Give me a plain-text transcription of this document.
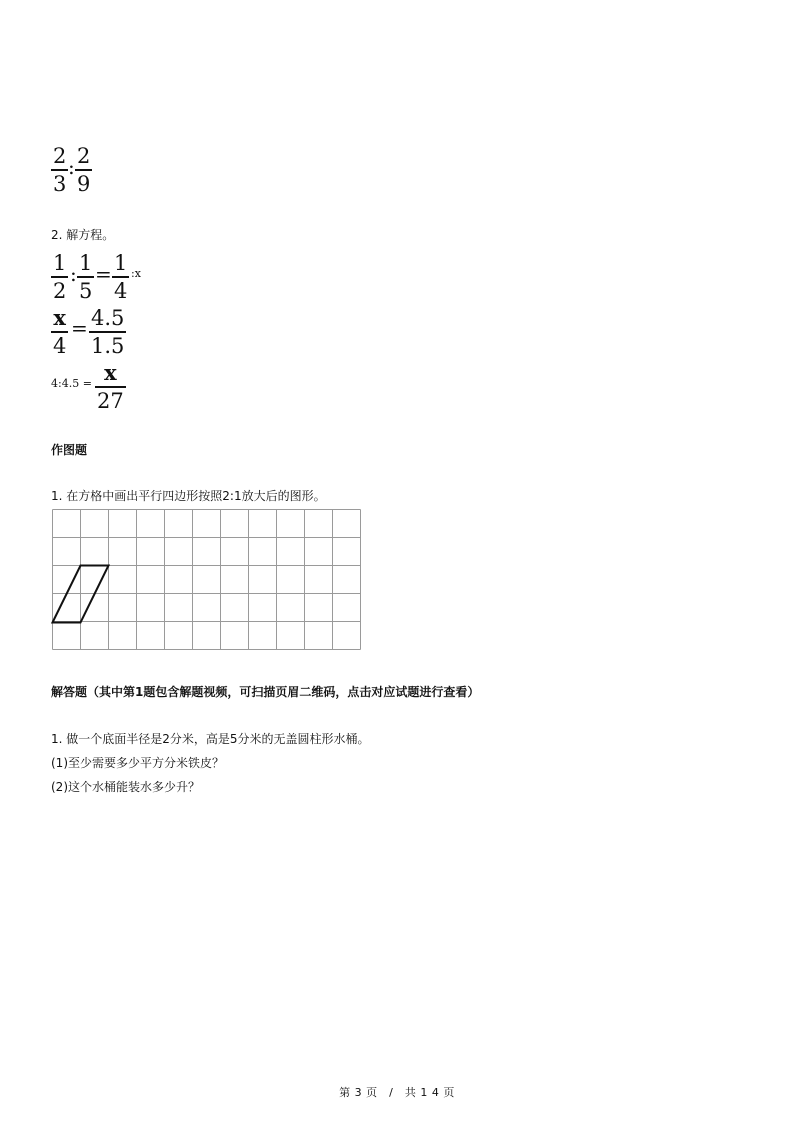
2
3
: 2
9
2. 解方程。
1
2
: 1
5
= 1
4
:x
x
4
= 4.5
1.5
4:4.5 = x
27
作图题
1. 在方格中画出平行四边形按照2:1放大后的图形。
解答题（其中第1题包含解题视频，可扫描页眉二维码，点击对应试题进行查看）
1. 做一个底面半径是2分米，高是5分米的无盖圆柱形水桶。
(1)至少需要多少平方分米铁皮？
(2)这个水桶能装水多少升？
第 3 页　/　共 1 4 页
